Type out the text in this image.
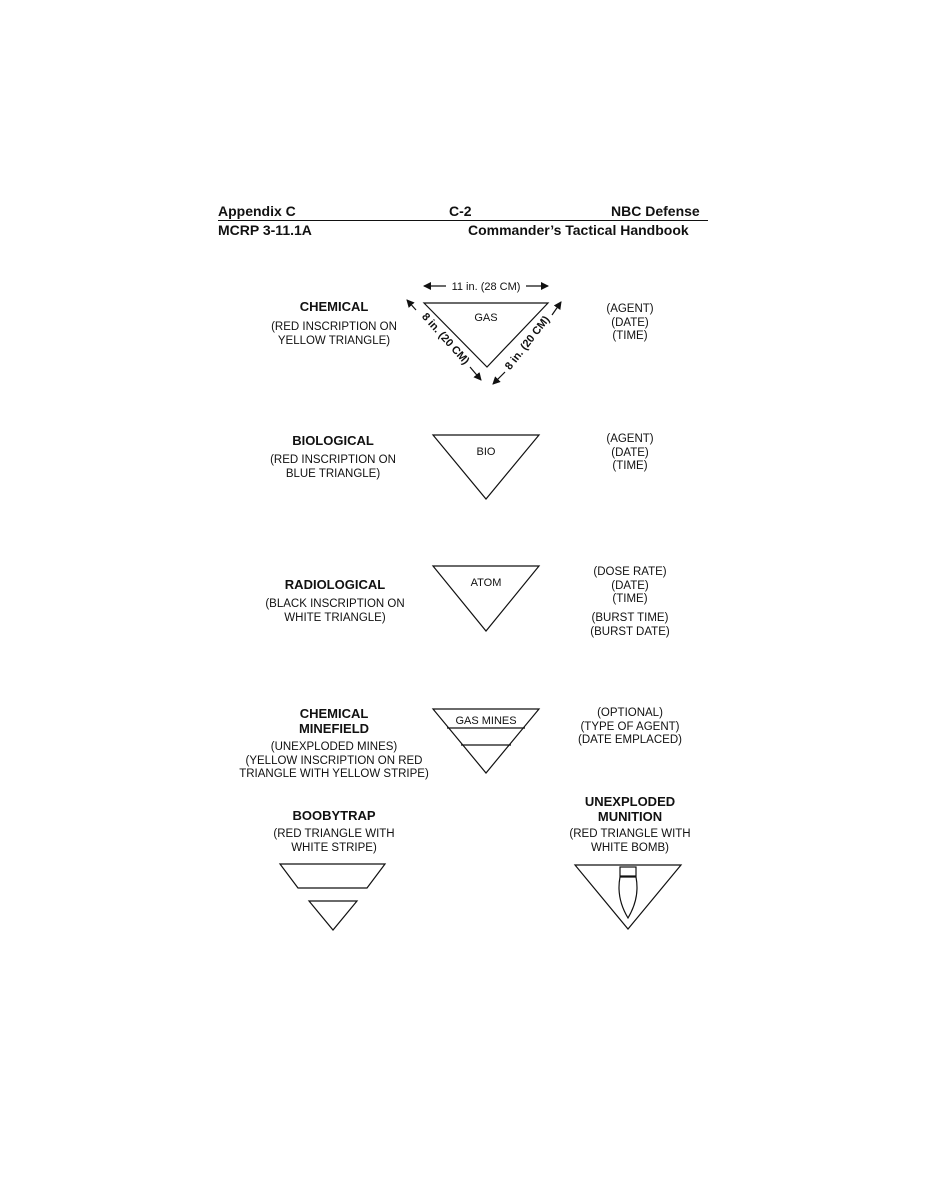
Appendix C	C-2	NBC Defense
MCRP 3-11.1A	Commander’s Tactical Handbook
GAS
11 in. (28 CM)
8 in. (20 CM)	8 in. (20 CM)
BIO
ATOM
GAS MINES
CHEMICAL
(RED INSCRIPTION ON
YELLOW TRIANGLE)
(AGENT)
(DATE)
(TIME)
BIOLOGICAL
(RED INSCRIPTION ON
BLUE TRIANGLE)
(AGENT)
(DATE)
(TIME)
RADIOLOGICAL
(BLACK INSCRIPTION ON
WHITE TRIANGLE)
(DOSE RATE)
(DATE)
(TIME)
(BURST TIME)
(BURST DATE)
CHEMICAL
MINEFIELD
(UNEXPLODED MINES)
(YELLOW INSCRIPTION ON RED
TRIANGLE WITH YELLOW STRIPE)
(OPTIONAL)
(TYPE OF AGENT)
(DATE EMPLACED)
BOOBYTRAP
(RED TRIANGLE WITH
WHITE STRIPE)
UNEXPLODED
MUNITION
(RED TRIANGLE WITH
WHITE BOMB)
